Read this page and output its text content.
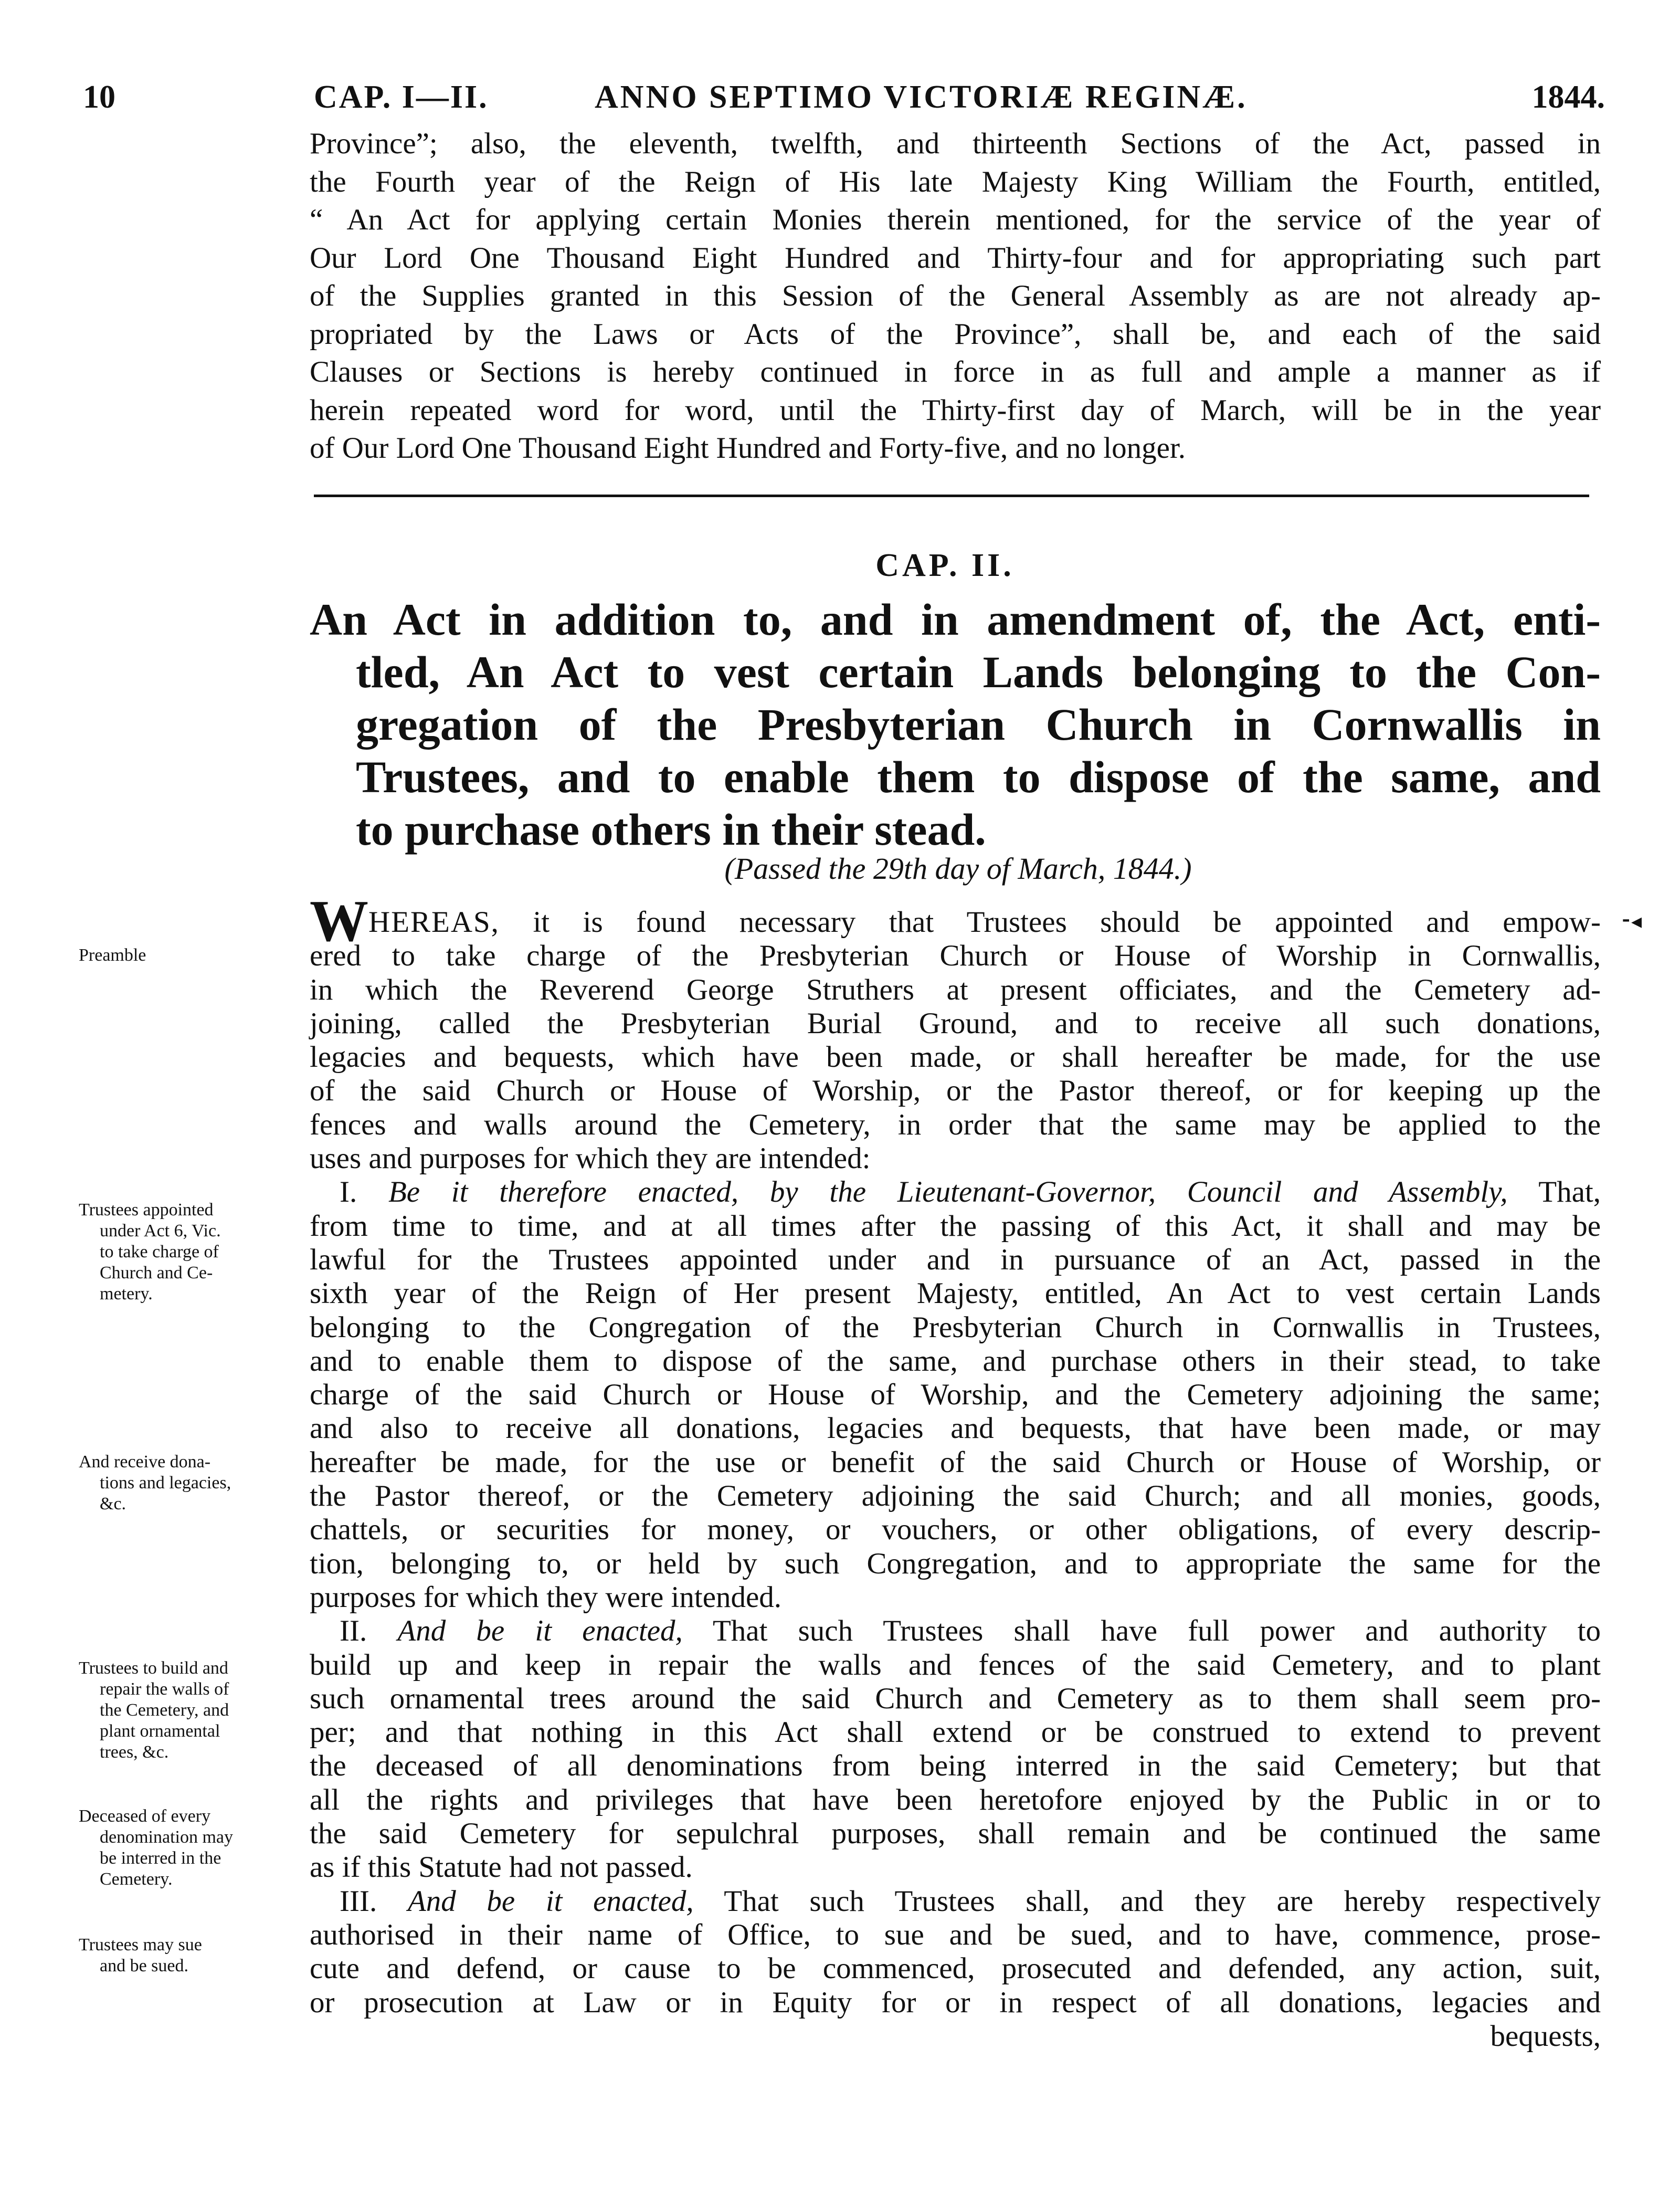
10	CAP. I—II.	ANNO SEPTIMO VICTORIÆ REGINÆ.	1844.
Province”; also, the eleventh, twelfth, and thirteenth Sections of the Act, passed in
the Fourth year of the Reign of His late Majesty King William the Fourth, entitled,
“ An Act for applying certain Monies therein mentioned, for the service of the year of
Our Lord One Thousand Eight Hundred and Thirty-four and for appropriating such part
of the Supplies granted in this Session of the General Assembly as are not already ap-
propriated by the Laws or Acts of the Province”, shall be, and each of the said
Clauses or Sections is hereby continued in force in as full and ample a manner as if
herein repeated word for word, until the Thirty-first day of March, will be in the year
of Our Lord One Thousand Eight Hundred and Forty-five, and no longer.
CAP. II.
An Act in addition to, and in amendment of, the Act, enti-
tled, An Act to vest certain Lands belonging to the Con-
gregation of the Presbyterian Church in Cornwallis in
Trustees, and to enable them to dispose of the same, and
to purchase others in their stead.
(Passed the 29th day of March, 1844.)
WHEREAS, it is found necessary that Trustees should be appointed and empow-
ered to take charge of the Presbyterian Church or House of Worship in Cornwallis,
in which the Reverend George Struthers at present officiates, and the Cemetery ad-
joining, called the Presbyterian Burial Ground, and to receive all such donations,
legacies and bequests, which have been made, or shall hereafter be made, for the use
of the said Church or House of Worship, or the Pastor thereof, or for keeping up the
fences and walls around the Cemetery, in order that the same may be applied to the
uses and purposes for which they are intended:
 I. Be it therefore enacted, by the Lieutenant-Governor, Council and Assembly, That,
from time to time, and at all times after the passing of this Act, it shall and may be
lawful for the Trustees appointed under and in pursuance of an Act, passed in the
sixth year of the Reign of Her present Majesty, entitled, An Act to vest certain Lands
belonging to the Congregation of the Presbyterian Church in Cornwallis in Trustees,
and to enable them to dispose of the same, and purchase others in their stead, to take
charge of the said Church or House of Worship, and the Cemetery adjoining the same;
and also to receive all donations, legacies and bequests, that have been made, or may
hereafter be made, for the use or benefit of the said Church or House of Worship, or
the Pastor thereof, or the Cemetery adjoining the said Church; and all monies, goods,
chattels, or securities for money, or vouchers, or other obligations, of every descrip-
tion, belonging to, or held by such Congregation, and to appropriate the same for the
purposes for which they were intended.
 II. And be it enacted, That such Trustees shall have full power and authority to
build up and keep in repair the walls and fences of the said Cemetery, and to plant
such ornamental trees around the said Church and Cemetery as to them shall seem pro-
per; and that nothing in this Act shall extend or be construed to extend to prevent
the deceased of all denominations from being interred in the said Cemetery; but that
all the rights and privileges that have been heretofore enjoyed by the Public in or to
the said Cemetery for sepulchral purposes, shall remain and be continued the same
as if this Statute had not passed.
 III. And be it enacted, That such Trustees shall, and they are hereby respectively
authorised in their name of Office, to sue and be sued, and to have, commence, prose-
cute and defend, or cause to be commenced, prosecuted and defended, any action, suit,
or prosecution at Law or in Equity for or in respect of all donations, legacies and
bequests,
Preamble
Trustees appointed
under Act 6, Vic.
to take charge of
Church and Ce-
metery.
And receive dona-
tions and legacies,
&c.
Trustees to build and
repair the walls of
the Cemetery, and
plant ornamental
trees, &c.
Deceased of every
denomination may
be interred in the
Cemetery.
Trustees may sue
and be sued.
⁃◂
